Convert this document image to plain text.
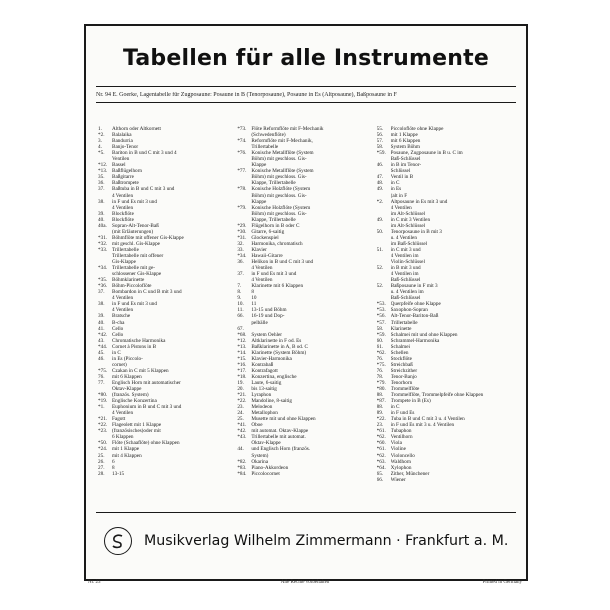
Tabellen für alle Instrumente
Nr. 94 E. Goerke, Lagentabelle für Zugposaune: Posaune in B (Tenorposaune), Posaune in Es (Altposaune), Baßposaune in F
1.	Althorn oder Altkornett
*2.	Balalaika
3.	Bandurria
4.	Banjo-Tenor
*5.	Bariton in B und C mit 3 und 4
Ventilen
*12. Bassel
*13. Baßflügelhorn
35.	Baßgitarre
36.	Baßtrompete
37.	Baßtuba in B und C mit 3 und
4 Ventilen
38.	in F und Es mit 3 und
4 Ventilen
39.	Blockflöte
40.	Blockflöte
40a.	Sopran-Alt-Tenor-Baß
(mit Erläuterungen)
*31. Böhmflöte mit offener Gis-Klappe
*32. mit geschl. Gis-Klappe
*33. Trillertabelle
Trillertabelle mit offener
Gis-Klappe
*34. Trillertabelle mit ge-
schlossener Gis-Klappe
*35. Böhmklarinette
*36. Böhm-Piccoloflöte
37.	Bombardon in C und B mit 3 und
4 Ventilen
38.	in F und Es mit 3 und
4 Ventilen
39.	Bratsche
40.	B-cha
41.	Cello
*42. Cello
43.	Chromatische Harmonika
*44. Cornet à Pistons in B
45.	in C
46.	in Es (Piccolo-
cornet)
*75. Czakan in C mit 5 Klappen
76.	mit 6 Klappen
77.	Englisch Horn mit automatischer
Oktav-Klappe
*80. (französ. System)
*19. Englische Konzertina
*1.	Euphonium in B und C mit 3 und
4 Ventilen
*21. Fagott
*22. Flageolett mit 1 Klappe
*23. (französisches)oder mit
6 Klappen
*50. Flöte (Schaaflöte) ohne Klappen
*24. mit 1 Klappe
25.	mit 4 Klappen
26.	6
27.	8
28.	13-15
*73. Flöte Reformflöte mit F-Mechanik
(Schwedenflöte)
*74. Reformflöte mit F-Mechanik,
Trillertabelle
*76. Konische Metallflöte (System
Böhm) mit geschloss. Gis-
Klappe
*77. Konische Metallflöte (System
Böhm) mit geschloss. Gis-
Klappe, Trillertabelle
*78. Konische Holzflöte (System
Böhm) mit geschloss. Gis-
Klappe
*79. Konische Holzflöte (System
Böhm) mit geschloss. Gis-
Klappe, Trillertabelle
*29. Flügelhorn in B oder C
*30. Gitarre, 6-saitig
*31. Glockenspiel
32.	Harmonika, chromatisch
33.	Klavier
*34. Hawaii-Gitarre
36.	Helikon in B und C mit 3 und
4 Ventilen
37.	in F und Es mit 3 und
4 Ventilen
7.	Klarinette mit 6 Klappen
8.	8
9.	10
10.	11
11.	13-15 und Böhm
66.	16-19 und Dop-
pelbälle
67.
*68. System Oehler
*12. Altklarinette in F od. Es
*13. Baßklarinette in A, B od. C
*14. Klarinette (System Böhm)
*15. Klavier-Harmonika
*16. Kontrabaß
*17. Kontrafagott
*18. Konzertina, englische
19.	Laute, 6-saitig
20.	bis 13-saitig
*21. Lyraphon
*22. Mandoline, 8-saitig
23.	Melodeon
24.	Metallophon
25.	Musette mit und ohne Klappen
*41. Oboe
*42. mit automat. Oktav-Klappe
*43. Trillertabelle mit automat.
Oktav-Klappe
44.	und Englisch Horn (französ.
System)
*82. Okarina
*83. Piano-Akkordeon
*84. Piccolocornet
55.	Piccoloflöte ohne Klappe
56.	mit 1 Klappe
57.	mit 6 Klappen
58.	System Böhm
*59. Posaune, Zugposaune in B u. C im
Baß-Schlüssel
46.	in B im Tenor-
Schlüssel
47.	Ventil in B
48.	in C
49.	in Es
(alt in F
*2.	Altposaune in Es mit 3 und
4 Ventilen
im Alt-Schlüssel
49.	in C mit 3 Ventilen
im Alt-Schlüssel
50.	Tenorposaune in B mit 3
u. 4 Ventilen
im Baß-Schlüssel
51.	in C mit 3 und
4 Ventilen im
Violin-Schlüssel
52.	in B mit 3 und
4 Ventilen im
Baß-Schlüssel
52.	Baßposaune in F mit 3
u. 4 Ventilen im
Baß-Schlüssel
*53. Querpfeife ohne Klappe
*53. Saxophon-Sopran
*56. Alt-Tenor-Bariton-Baß
*57. Trillertabelle
58.	Klarinette
*59. Schalmei mit und ohne Klappen
60.	Schrammel-Harmonika
61.	Schalmei
*62. Schellen
76.	Stockflöte
*75. Streichbaß
76.	Streichzither
78.	Tenor-Banjo
*79. Tenorhorn
*80. Trommelflöte
88.	Trommelflöte, Trommelpfeife ohne Klappen
*87. Trompete in B (Es)
88.	in C
89.	in F und Es
*22. Tuba in B und C mit 3 u. 4 Ventilen
23.	in F und Es mit 3 u. 4 Ventilen
*61. Tubaphon
*62. Ventilhorn
*60. Viola
*61. Violine
*62. Violoncello
*63. Waldhorn
*64. Xylophon
65.	Zither, Münchener
66.	Wiener
Musikverlag Wilhelm Zimmermann · Frankfurt a. M.
Nr. 23	Alle Rechte vorbehalten	Printed in Germany
